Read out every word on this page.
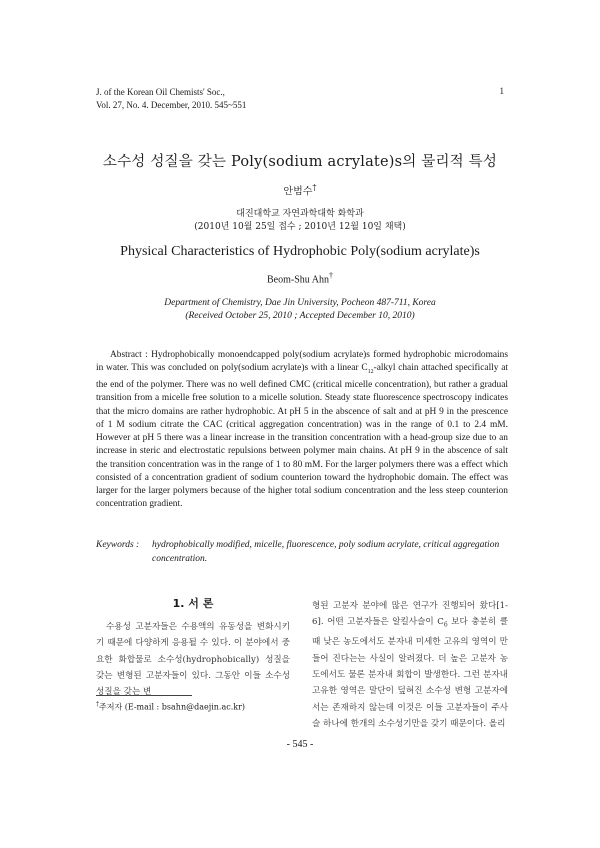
J. of the Korean Oil Chemists' Soc.,
Vol. 27, No. 4. December, 2010. 545~551
1
소수성 성질을 갖는 Poly(sodium acrylate)s의 물리적 특성
안범수†
대진대학교 자연과학대학 화학과
(2010년 10월 25일 접수 ; 2010년 12월 10일 채택)
Physical Characteristics of Hydrophobic Poly(sodium acrylate)s
Beom-Shu Ahn†
Department of Chemistry, Dae Jin University, Pocheon 487-711, Korea
(Received October 25, 2010 ; Accepted December 10, 2010)
Abstract : Hydrophobically monoendcapped poly(sodium acrylate)s formed hydrophobic microdomains in water. This was concluded on poly(sodium acrylate)s with a linear $C_{12}$-alkyl chain attached specifically at the end of the polymer. There was no well defined CMC (critical micelle concentration), but rather a gradual transition from a micelle free solution to a micelle solution. Steady state fluorescence spectroscopy indicates that the micro domains are rather hydrophobic. At pH 5 in the abscence of salt and at pH 9 in the prescence of 1 M sodium citrate the CAC (critical aggregation concentration) was in the range of 0.1 to 2.4 mM. However at pH 5 there was a linear increase in the transition concentration with a head-group size due to an increase in steric and electrostatic repulsions between polymer main chains. At pH 9 in the abscence of salt the transition concentration was in the range of 1 to 80 mM. For the larger polymers there was a effect which consisted of a concentration gradient of sodium counterion toward the hydrophobic domain. The effect was larger for the larger polymers because of the higher total sodium concentration and the less steep counterion concentration gradient.
Keywords : hydrophobically modified, micelle, fluorescence, poly sodium acrylate, critical aggregation concentration.
1. 서 론
수용성 고분자들은 수용액의 유동성을 변화시키기 때문에 다양하게 응용될 수 있다. 이 분야에서 중요한 화합물로 소수성(hydrophobically) 성질을 갖는 변형된 고분자들이 있다. 그동안 이들 소수성 성질을 갖는 변
형된 고분자 분야에 많은 연구가 진행되어 왔다[1-6]. 어떤 고분자들은 알킬사슬이 $C_6$ 보다 충분히 클 때 낮은 농도에서도 분자내 미세한 고유의 영역이 만들어 진다는는 사실이 알려졌다. 더 높은 고분자 농도에서도 물론 분자내 회합이 발생한다. 그런 분자내 고유한 영역은 말단이 덮혀진 소수성 변형 고분자에서는 존재하지 않는데 이것은 이들 고분자들이 주사슬 하나에 한개의 소수성기만을 갖기 때문이다. 올리
†주저자 (E-mail : bsahn@daejin.ac.kr)
- 545 -
